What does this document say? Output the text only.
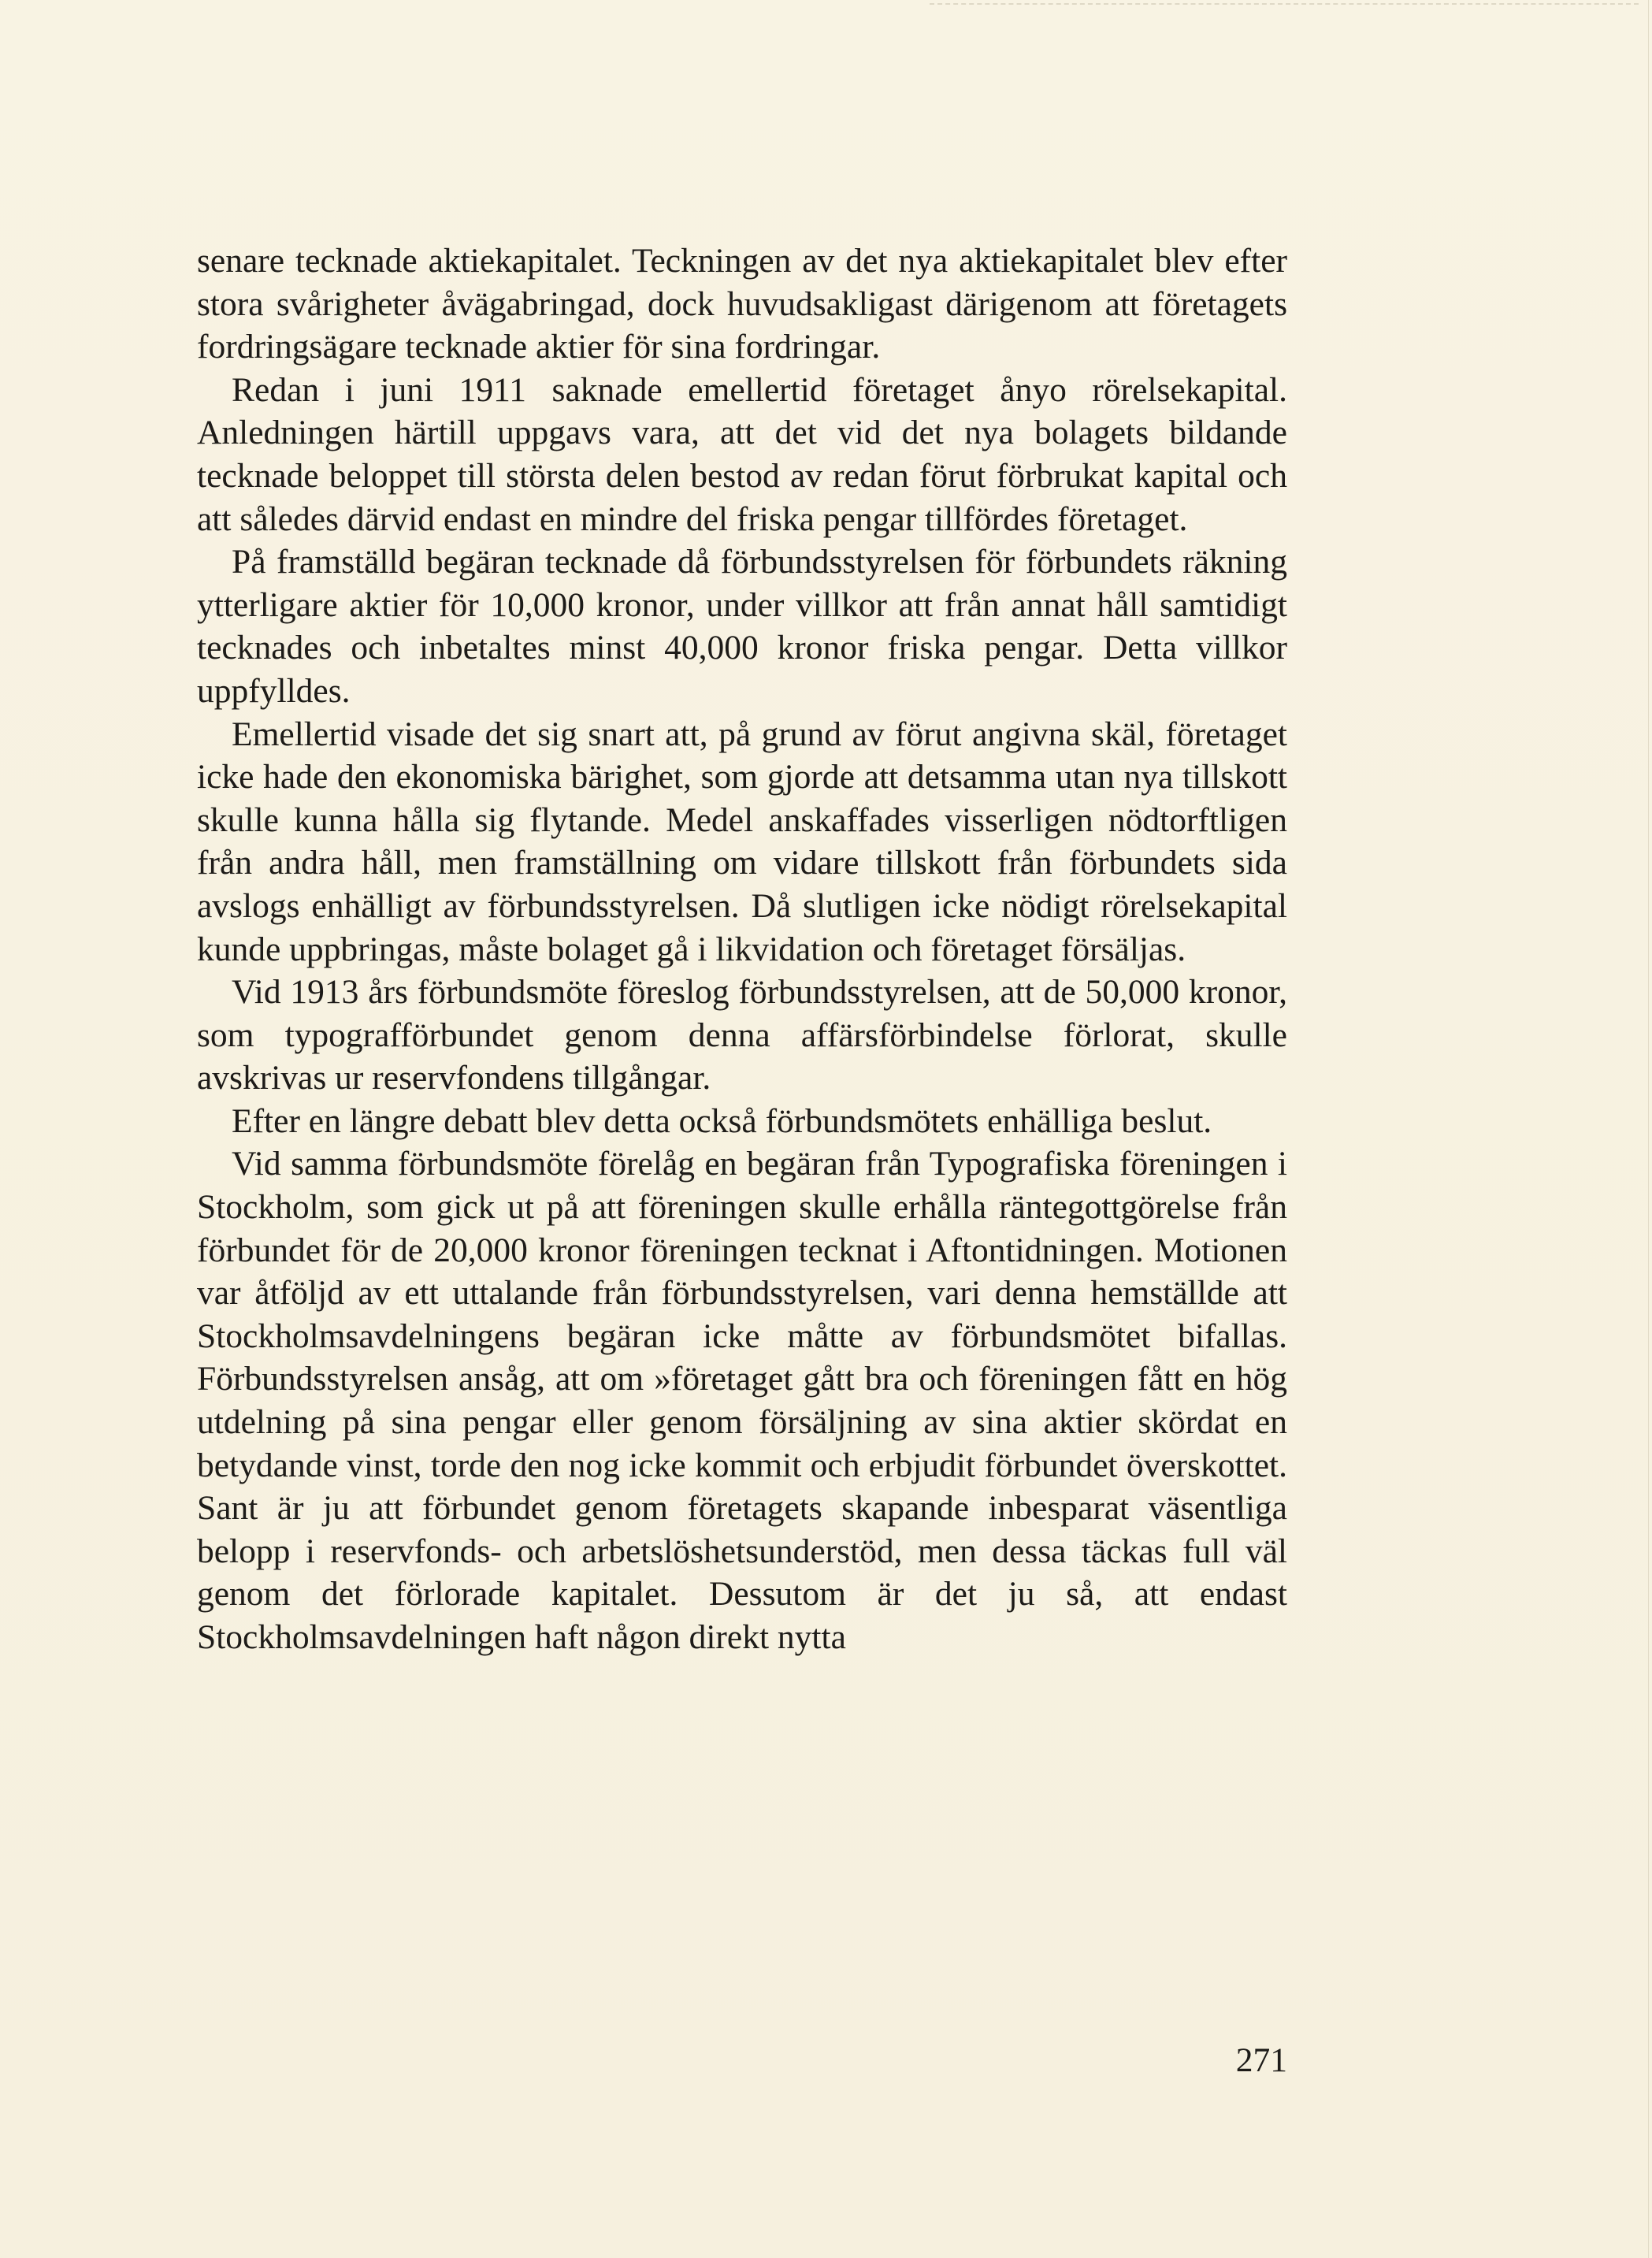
senare tecknade aktiekapitalet. Teckningen av det nya aktiekapitalet blev efter stora svårigheter åvägabringad, dock huvudsakligast därigenom att företagets fordringsägare tecknade aktier för sina fordringar.

Redan i juni 1911 saknade emellertid företaget ånyo rörelsekapital. Anledningen härtill uppgavs vara, att det vid det nya bolagets bildande tecknade beloppet till största delen bestod av redan förut förbrukat kapital och att således därvid endast en mindre del friska pengar tillfördes företaget.

På framställd begäran tecknade då förbundsstyrelsen för förbundets räkning ytterligare aktier för 10,000 kronor, under villkor att från annat håll samtidigt tecknades och inbetaltes minst 40,000 kronor friska pengar. Detta villkor uppfylldes.

Emellertid visade det sig snart att, på grund av förut angivna skäl, företaget icke hade den ekonomiska bärighet, som gjorde att detsamma utan nya tillskott skulle kunna hålla sig flytande. Medel anskaffades visserligen nödtorftligen från andra håll, men framställning om vidare tillskott från förbundets sida avslogs enhälligt av förbundsstyrelsen. Då slutligen icke nödigt rörelsekapital kunde uppbringas, måste bolaget gå i likvidation och företaget försäljas.

Vid 1913 års förbundsmöte föreslog förbundsstyrelsen, att de 50,000 kronor, som typografförbundet genom denna affärsförbindelse förlorat, skulle avskrivas ur reservfondens tillgångar.

Efter en längre debatt blev detta också förbundsmötets enhälliga beslut.

Vid samma förbundsmöte förelåg en begäran från Typografiska föreningen i Stockholm, som gick ut på att föreningen skulle erhålla räntegottgörelse från förbundet för de 20,000 kronor föreningen tecknat i Aftontidningen. Motionen var åtföljd av ett uttalande från förbundsstyrelsen, vari denna hemställde att Stockholmsavdelningens begäran icke måtte av förbundsmötet bifallas. Förbundsstyrelsen ansåg, att om »företaget gått bra och föreningen fått en hög utdelning på sina pengar eller genom försäljning av sina aktier skördat en betydande vinst, torde den nog icke kommit och erbjudit förbundet överskottet. Sant är ju att förbundet genom företagets skapande inbesparat väsentliga belopp i reservfonds- och arbetslöshetsunderstöd, men dessa täckas full väl genom det förlorade kapitalet. Dessutom är det ju så, att endast Stockholmsavdelningen haft någon direkt nytta

271
